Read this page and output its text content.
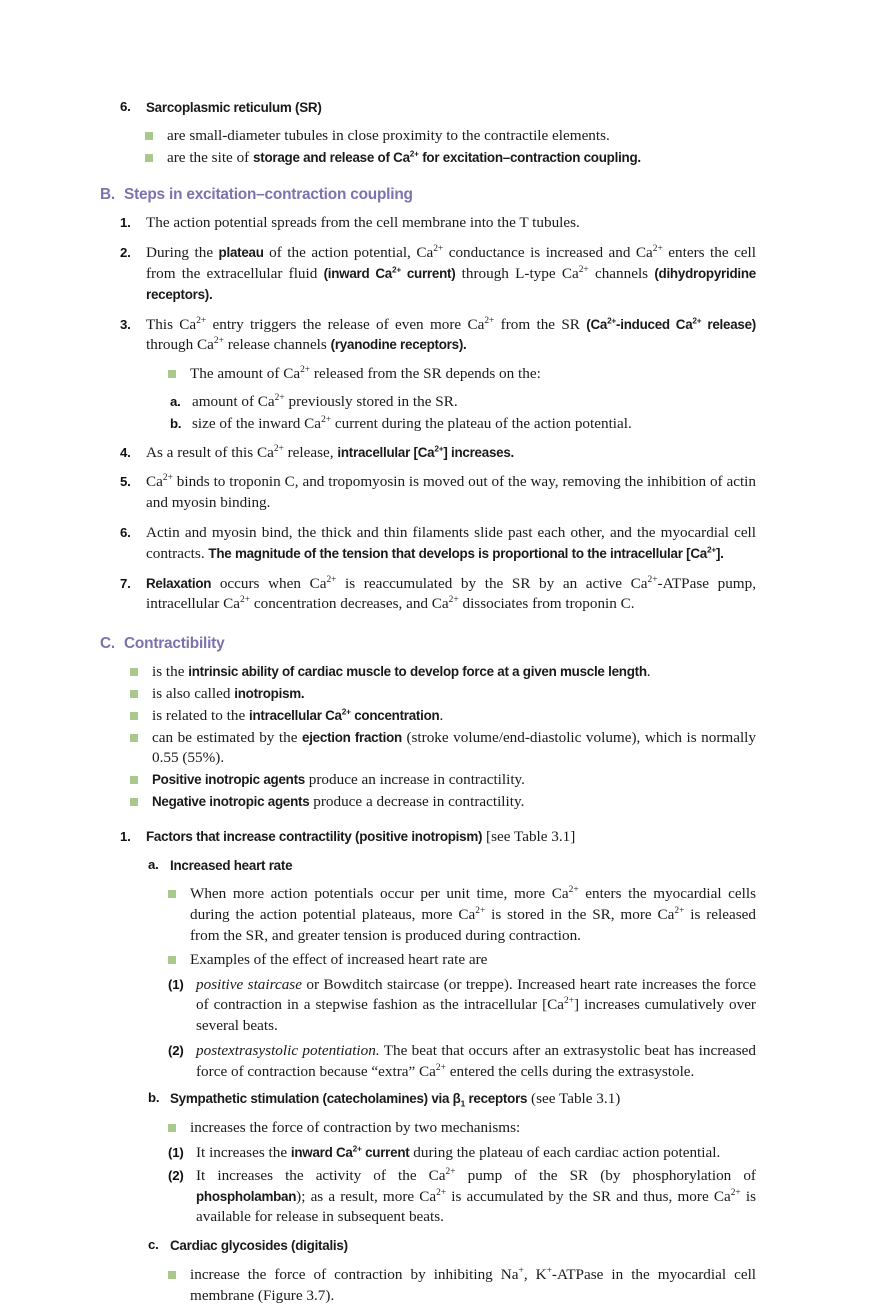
6. Sarcoplasmic reticulum (SR)
are small-diameter tubules in close proximity to the contractile elements.
are the site of storage and release of $Ca^{2+}$ for excitation–contraction coupling.
B. Steps in excitation–contraction coupling
1. The action potential spreads from the cell membrane into the T tubules.
2. During the plateau of the action potential, $Ca^{2+}$ conductance is increased and $Ca^{2+}$ enters the cell from the extracellular fluid (inward $Ca^{2+}$ current) through L-type $Ca^{2+}$ channels (dihydropyridine receptors).
3. This $Ca^{2+}$ entry triggers the release of even more $Ca^{2+}$ from the SR ($Ca^{2+}$-induced $Ca^{2+}$ release) through $Ca^{2+}$ release channels (ryanodine receptors).
The amount of $Ca^{2+}$ released from the SR depends on the:
a. amount of $Ca^{2+}$ previously stored in the SR.
b. size of the inward $Ca^{2+}$ current during the plateau of the action potential.
4. As a result of this $Ca^{2+}$ release, intracellular $[Ca^{2+}]$ increases.
5. $Ca^{2+}$ binds to troponin C, and tropomyosin is moved out of the way, removing the inhibition of actin and myosin binding.
6. Actin and myosin bind, the thick and thin filaments slide past each other, and the myocardial cell contracts. The magnitude of the tension that develops is proportional to the intracellular $[Ca^{2+}]$.
7. Relaxation occurs when $Ca^{2+}$ is reaccumulated by the SR by an active $Ca^{2+}$-ATPase pump, intracellular $Ca^{2+}$ concentration decreases, and $Ca^{2+}$ dissociates from troponin C.
C. Contractibility
is the intrinsic ability of cardiac muscle to develop force at a given muscle length.
is also called inotropism.
is related to the intracellular $Ca^{2+}$ concentration.
can be estimated by the ejection fraction (stroke volume/end-diastolic volume), which is normally 0.55 (55%).
Positive inotropic agents produce an increase in contractility.
Negative inotropic agents produce a decrease in contractility.
1. Factors that increase contractility (positive inotropism) [see Table 3.1]
a. Increased heart rate
When more action potentials occur per unit time, more $Ca^{2+}$ enters the myocardial cells during the action potential plateaus, more $Ca^{2+}$ is stored in the SR, more $Ca^{2+}$ is released from the SR, and greater tension is produced during contraction.
Examples of the effect of increased heart rate are
(1) positive staircase or Bowditch staircase (or treppe). Increased heart rate increases the force of contraction in a stepwise fashion as the intracellular $[Ca^{2+}]$ increases cumulatively over several beats.
(2) postextrasystolic potentiation. The beat that occurs after an extrasystolic beat has increased force of contraction because “extra” $Ca^{2+}$ entered the cells during the extrasystole.
b. Sympathetic stimulation (catecholamines) via $\beta_1$ receptors (see Table 3.1)
increases the force of contraction by two mechanisms:
(1) It increases the inward $Ca^{2+}$ current during the plateau of each cardiac action potential.
(2) It increases the activity of the $Ca^{2+}$ pump of the SR (by phosphorylation of phospholamban); as a result, more $Ca^{2+}$ is accumulated by the SR and thus, more $Ca^{2+}$ is available for release in subsequent beats.
c. Cardiac glycosides (digitalis)
increase the force of contraction by inhibiting Na+, K+-ATPase in the myocardial cell membrane (Figure 3.7).
